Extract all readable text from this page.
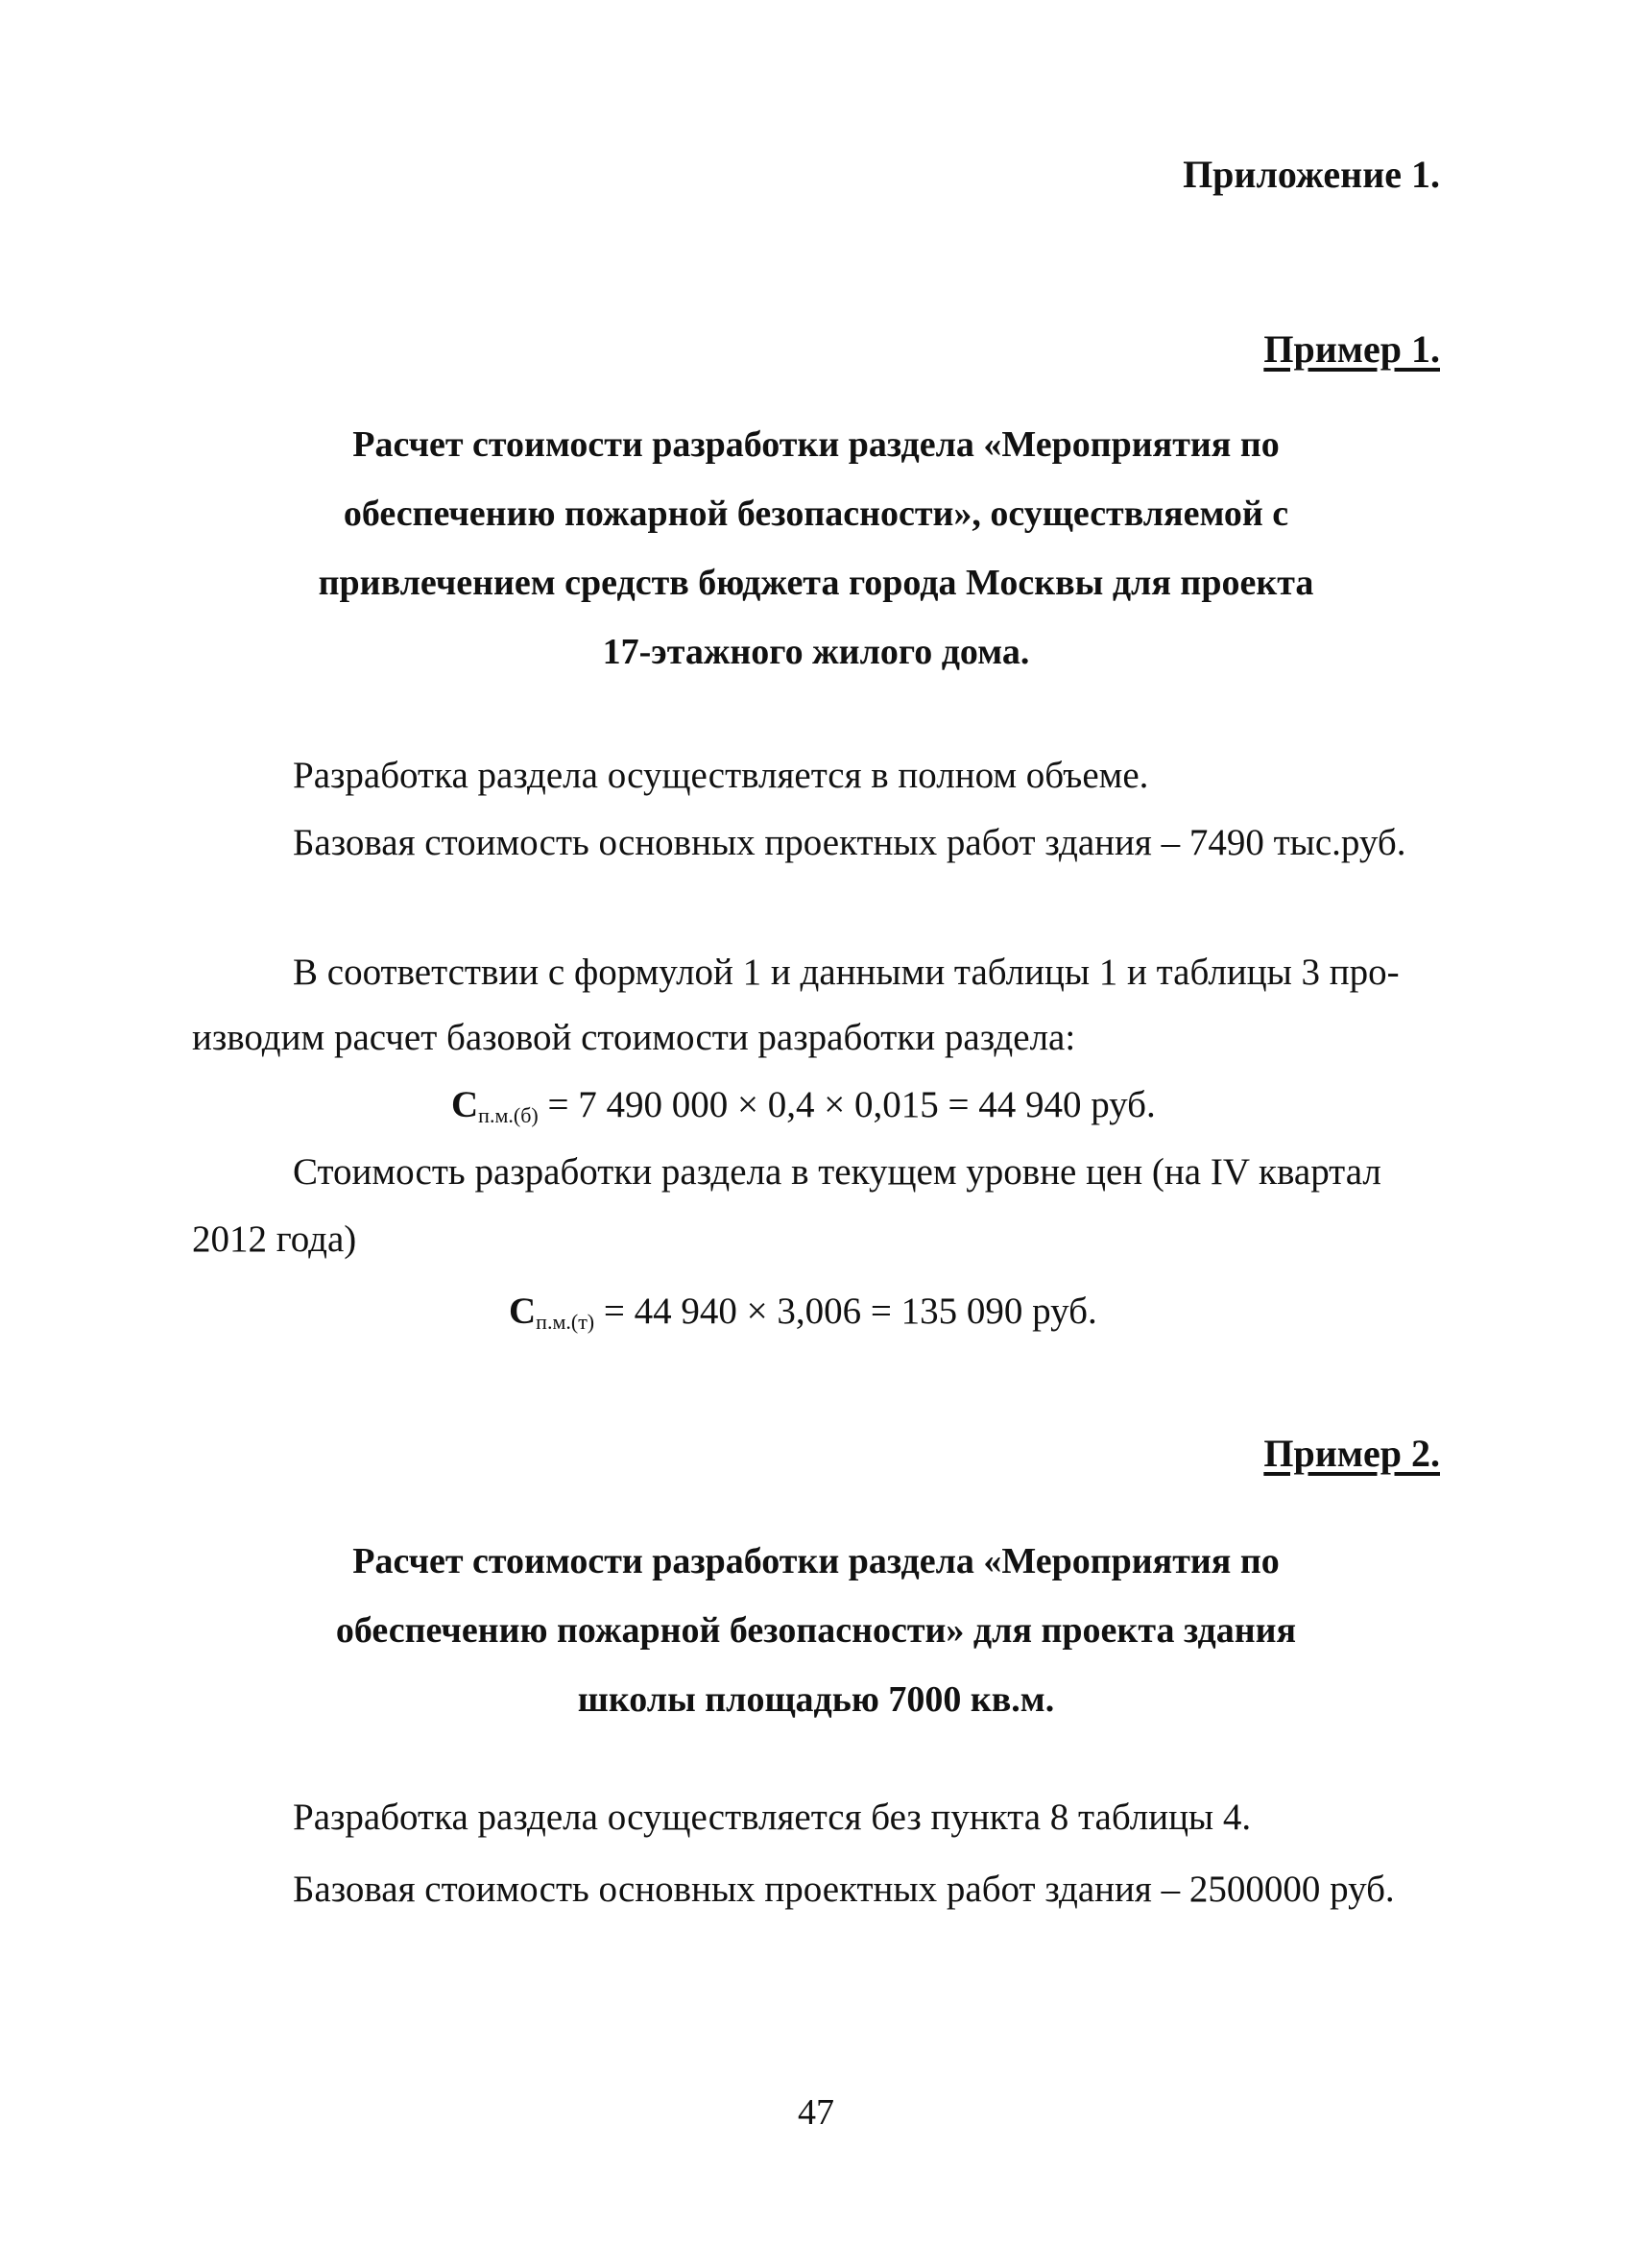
Приложение 1.
Пример 1.
Расчет стоимости разработки раздела «Мероприятия по
обеспечению пожарной безопасности», осуществляемой с
привлечением средств бюджета города Москвы для проекта
17-этажного жилого дома.
Разработка раздела осуществляется в полном объеме.
Базовая стоимость основных проектных работ здания – 7490 тыс.руб.
В соответствии с формулой 1 и данными таблицы 1 и таблицы 3 про-
изводим расчет базовой стоимости разработки раздела:
$С_{п.м.(б)} = 7$ 490 000 × 0,4 × 0,015 = 44 940 руб.
Стоимость разработки раздела в текущем уровне цен (на IV квартал
2012 года)
$С_{п.м.(т)} = 44$ 940 × 3,006 = 135 090 руб.
Пример 2.
Расчет стоимости разработки раздела «Мероприятия по
обеспечению пожарной безопасности» для проекта здания
школы площадью 7000 кв.м.
Разработка раздела осуществляется без пункта 8 таблицы 4.
Базовая стоимость основных проектных работ здания – 2500000 руб.
47
